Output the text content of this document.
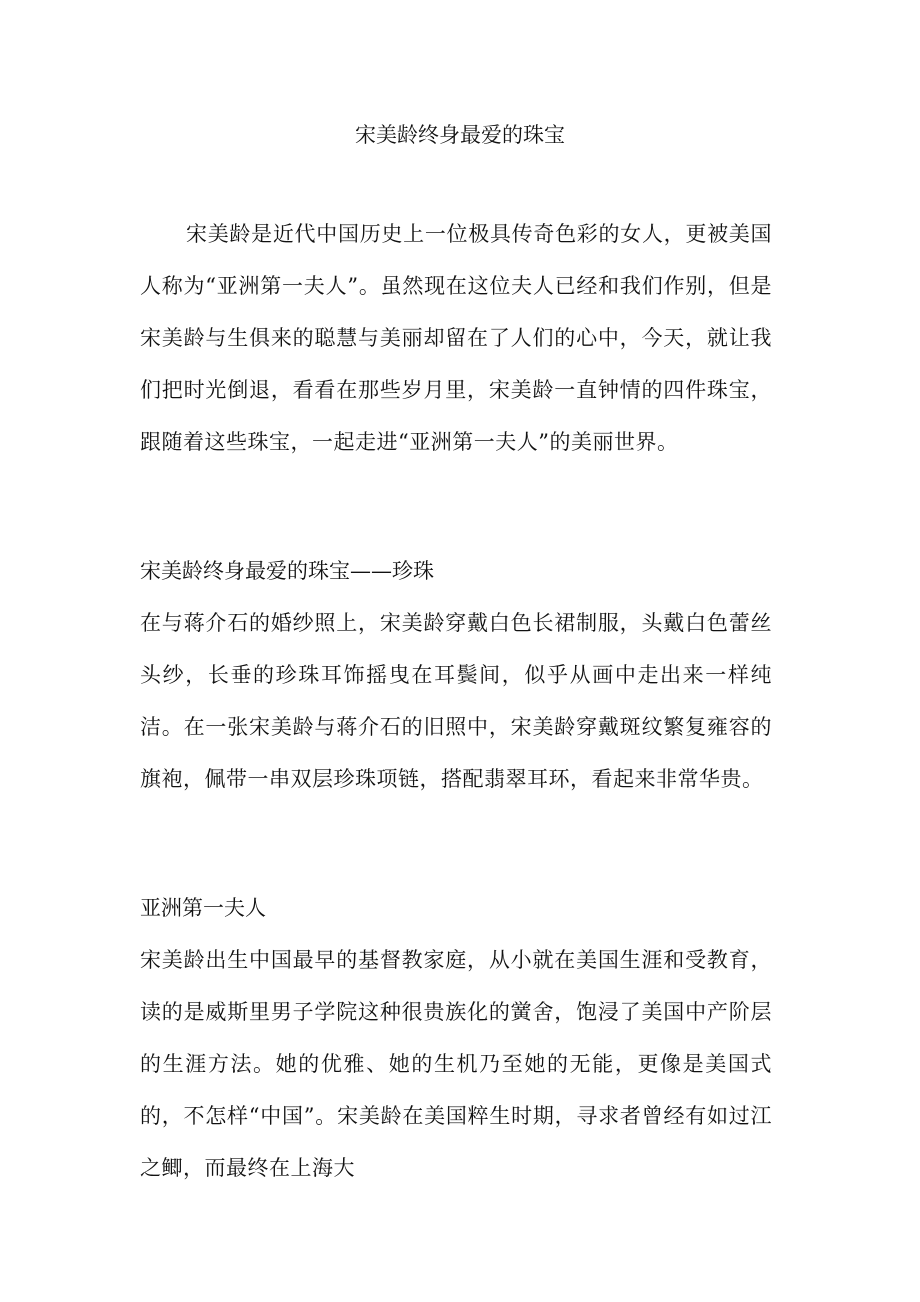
宋美龄终身最爱的珠宝

宋美龄是近代中国历史上一位极具传奇色彩的女人，更被美国人称为“亚洲第一夫人”。虽然现在这位夫人已经和我们作别，但是宋美龄与生俱来的聪慧与美丽却留在了人们的心中，今天，就让我们把时光倒退，看看在那些岁月里，宋美龄一直钟情的四件珠宝，跟随着这些珠宝，一起走进“亚洲第一夫人”的美丽世界。

宋美龄终身最爱的珠宝——珍珠

在与蒋介石的婚纱照上，宋美龄穿戴白色长裙制服，头戴白色蕾丝头纱，长垂的珍珠耳饰摇曳在耳鬓间，似乎从画中走出来一样纯洁。在一张宋美龄与蒋介石的旧照中，宋美龄穿戴斑纹繁复雍容的旗袍，佩带一串双层珍珠项链，搭配翡翠耳环，看起来非常华贵。

亚洲第一夫人

宋美龄出生中国最早的基督教家庭，从小就在美国生涯和受教育，读的是威斯里男子学院这种很贵族化的黉舍，饱浸了美国中产阶层的生涯方法。她的优雅、她的生机乃至她的无能，更像是美国式的，不怎样“中国”。宋美龄在美国粹生时期，寻求者曾经有如过江之鲫，而最终在上海大
